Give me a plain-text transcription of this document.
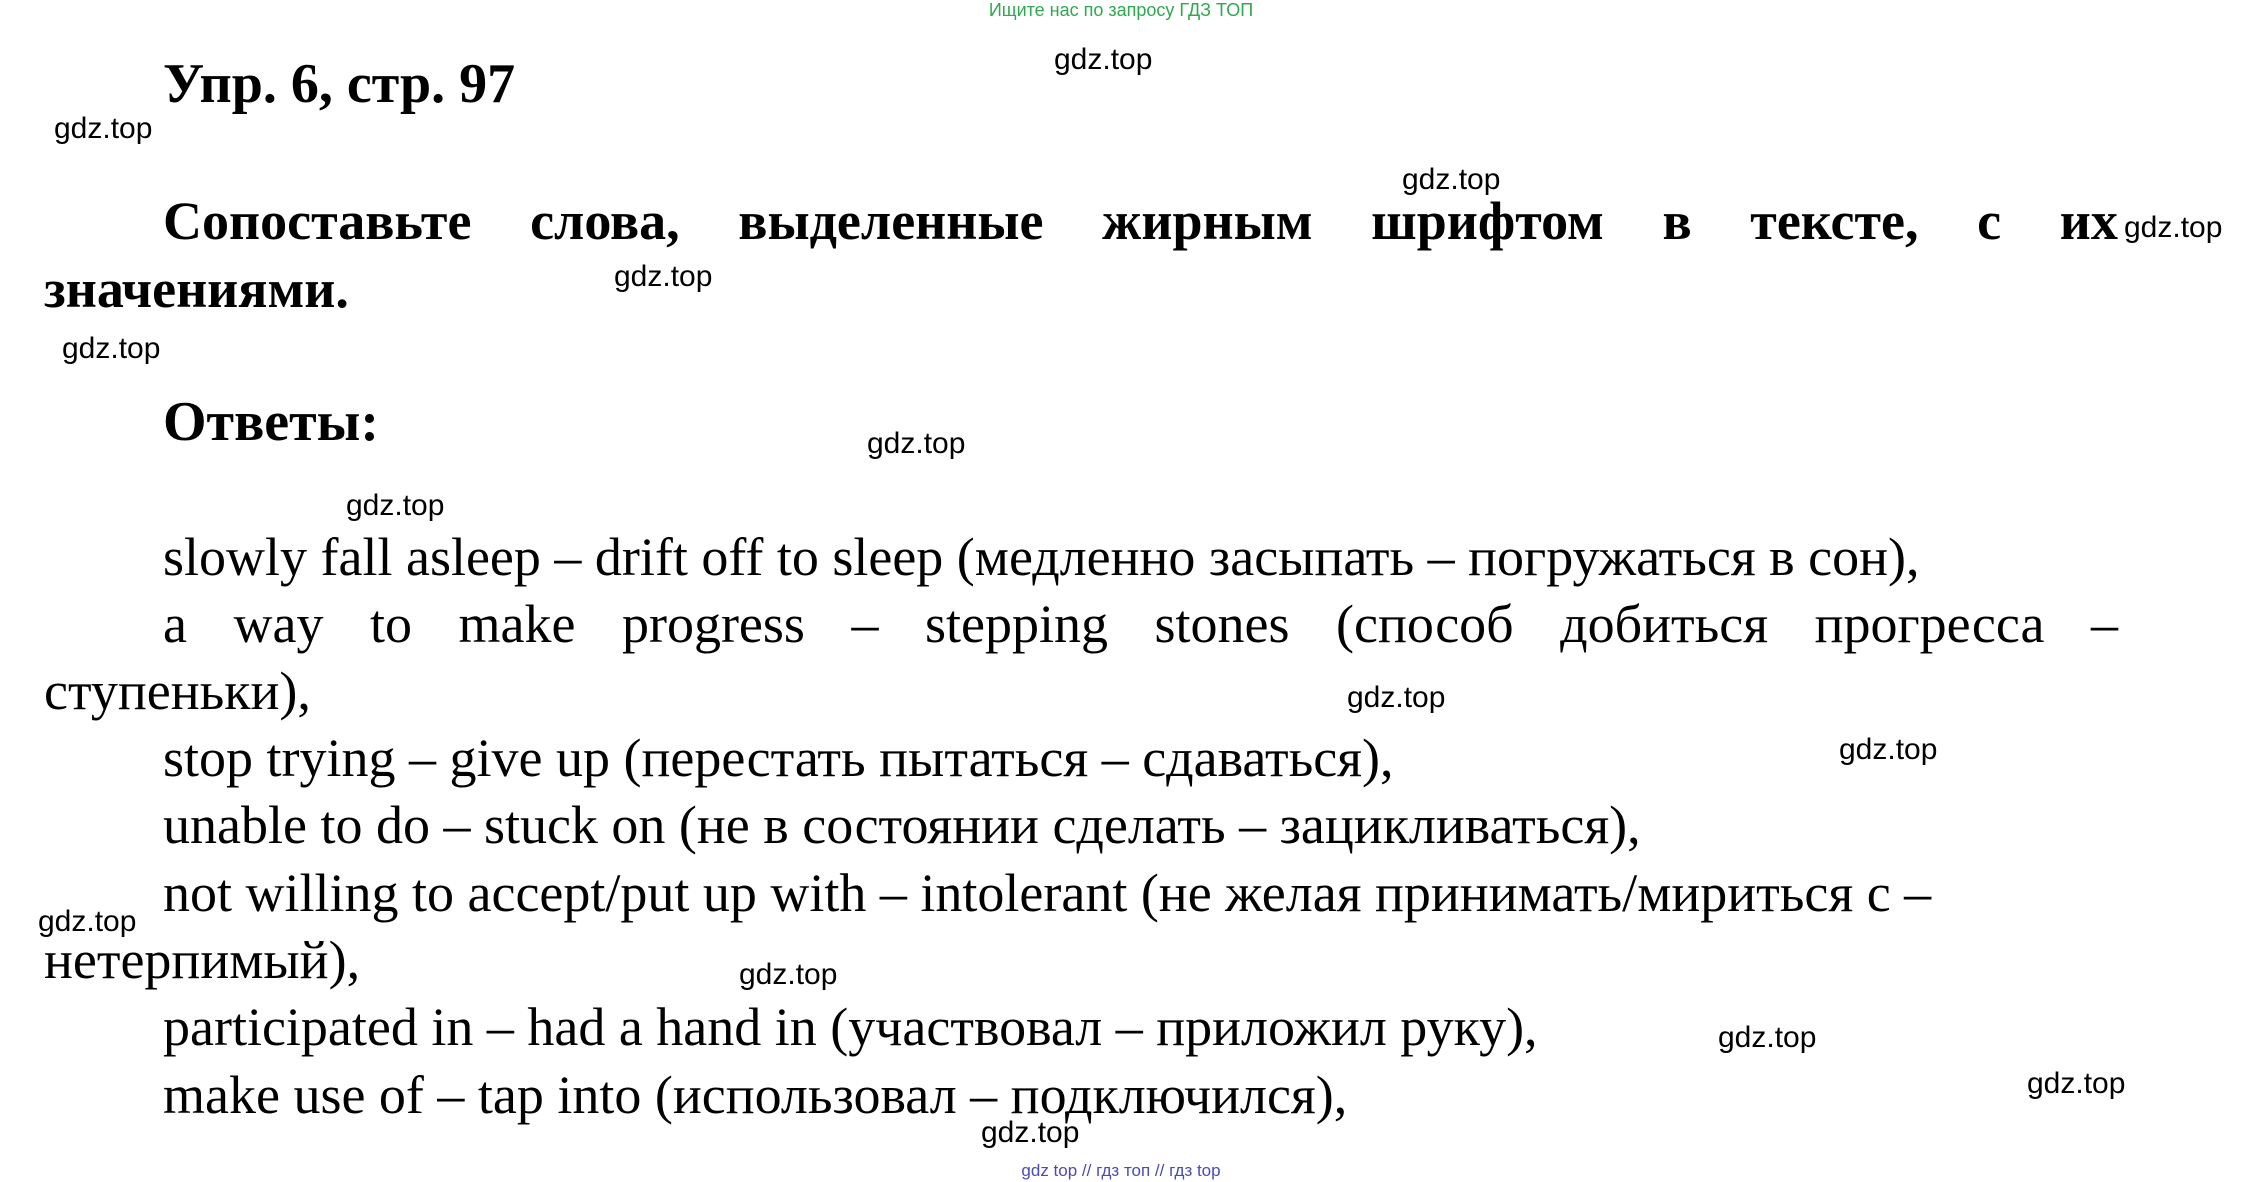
Ищите нас по запросу ГДЗ ТОП
Упр. 6, стр. 97
Сопоставьте слова, выделенные жирным шрифтом в тексте, с их
значениями.
Ответы:
slowly fall asleep – drift off to sleep (медленно засыпать – погружаться в сон),
a way to make progress – stepping stones (способ добиться прогресса –
ступеньки),
stop trying – give up (перестать пытаться – сдаваться),
unable to do – stuck on (не в состоянии сделать – зацикливаться),
not willing to accept/put up with – intolerant (не желая принимать/мириться с –
нетерпимый),
participated in – had a hand in (участвовал – приложил руку),
make use of – tap into (использовал – подключился),
gdz.top
gdz.top
gdz.top
gdz.top
gdz.top
gdz.top
gdz.top
gdz.top
gdz.top
gdz.top
gdz.top
gdz.top
gdz.top
gdz.top
gdz.top
gdz top // гдз топ // гдз top
